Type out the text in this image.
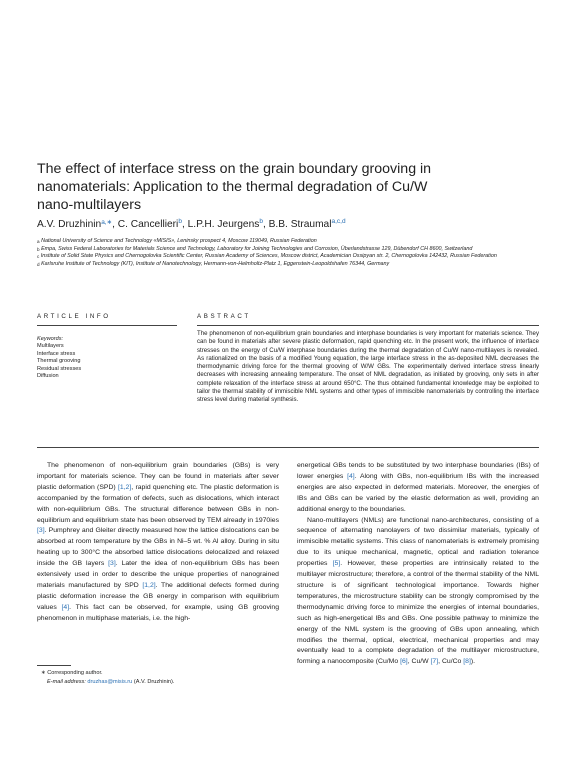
The effect of interface stress on the grain boundary grooving in nanomaterials: Application to the thermal degradation of Cu/W nano-multilayers
A.V. Druzhinin$^{a,∗}$, C. Cancellieri$^b$, L.P.H. Jeurgens$^b$, B.B. Straumal$^{a,c,d}$
a National University of Science and Technology «MISIS», Leninsky prospect 4, Moscow 119049, Russian Federation
b Empa, Swiss Federal Laboratories for Materials Science and Technology, Laboratory for Joining Technologies and Corrosion, Überlandstrasse 129, Dübendorf CH 8600, Switzerland
c Institute of Solid State Physics and Chernogolovka Scientific Center, Russian Academy of Sciences, Moscow district, Academician Ossipyan str. 2, Chernogolovka 142432, Russian Federation
d Karlsruhe Institute of Technology (KIT), Institute of Nanotechnology, Hermann-von-Helmholtz-Platz 1, Eggenstein-Leopoldshafen 76344, Germany
ARTICLE INFO	ABSTRACT
Keywords:
Multilayers
Interface stress
Thermal grooving
Residual stresses
Diffusion
The phenomenon of non-equilibrium grain boundaries and interphase boundaries is very important for materials science. They can be found in materials after severe plastic deformation, rapid quenching etc. In the present work, the influence of interface stresses on the energy of Cu/W interphase boundaries during the thermal degradation of Cu/W nano-multilayers is revealed. As rationalized on the basis of a modified Young equation, the large interface stress in the as-deposited NML decreases the thermodynamic driving force for the thermal grooving of W/W GBs. The experimentally derived interface stress linearly decreases with increasing annealing temperature. The onset of NML degradation, as initiated by grooving, only sets in after complete relaxation of the interface stress at around 650°C. The thus obtained fundamental knowledge may be exploited to tailor the thermal stability of immiscible NML systems and other types of immiscible nanomaterials by controlling the interface stress level during material synthesis.

The phenomenon of non-equilibrium grain boundaries (GBs) is very important for materials science. They can be found in materials after sever plastic deformation (SPD) [1,2], rapid quenching etc. The plastic deformation is accompanied by the formation of defects, such as dislocations, which interact with non-equilibrium GBs. The structural difference between GBs in non-equilibrium and equilibrium state has been observed by TEM already in 1970ies [3]. Pumphrey and Gleiter directly measured how the lattice dislocations can be absorbed at room temperature by the GBs in Ni–5 wt. % Al alloy. During in situ heating up to 300°C the absorbed lattice dislocations delocalized and relaxed inside the GB layers [3]. Later the idea of non-equilibrium GBs has been extensively used in order to describe the unique properties of nanograined materials manufactured by SPD [1,2]. The additional defects formed during plastic deformation increase the GB energy in comparison with equilibrium values [4]. This fact can be observed, for example, using GB grooving phenomenon in multiphase materials, i.e. the high-

energetical GBs tends to be substituted by two interphase boundaries (IBs) of lower energies [4]. Along with GBs, non-equilibrium IBs with the increased energies are also expected in deformed materials. Moreover, the energies of IBs and GBs can be varied by the elastic deformation as well, providing an additional energy to the boundaries.

Nano-multilayers (NMLs) are functional nano-architectures, consisting of a sequence of alternating nanolayers of two dissimilar materials, typically of immiscible metallic systems. This class of nanomaterials is extremely promising due to its unique mechanical, magnetic, optical and radiation tolerance properties [5]. However, these properties are intrinsically related to the multilayer microstructure; therefore, a control of the thermal stability of the NML structure is of significant technological importance. Towards higher temperatures, the microstructure stability can be strongly compromised by the thermodynamic driving force to minimize the energies of internal boundaries, such as high-energetical IBs and GBs. One possible pathway to minimize the energy of the NML system is the grooving of GBs upon annealing, which modifies the thermal, optical, electrical, mechanical properties and may eventually lead to a complete degradation of the multilayer microstructure, forming a nanocomposite (Cu/Mo [6], Cu/W [7], Cu/Co [8]).

∗ Corresponding author.
E-mail address: druzhas@misis.ru (A.V. Druzhinin).
